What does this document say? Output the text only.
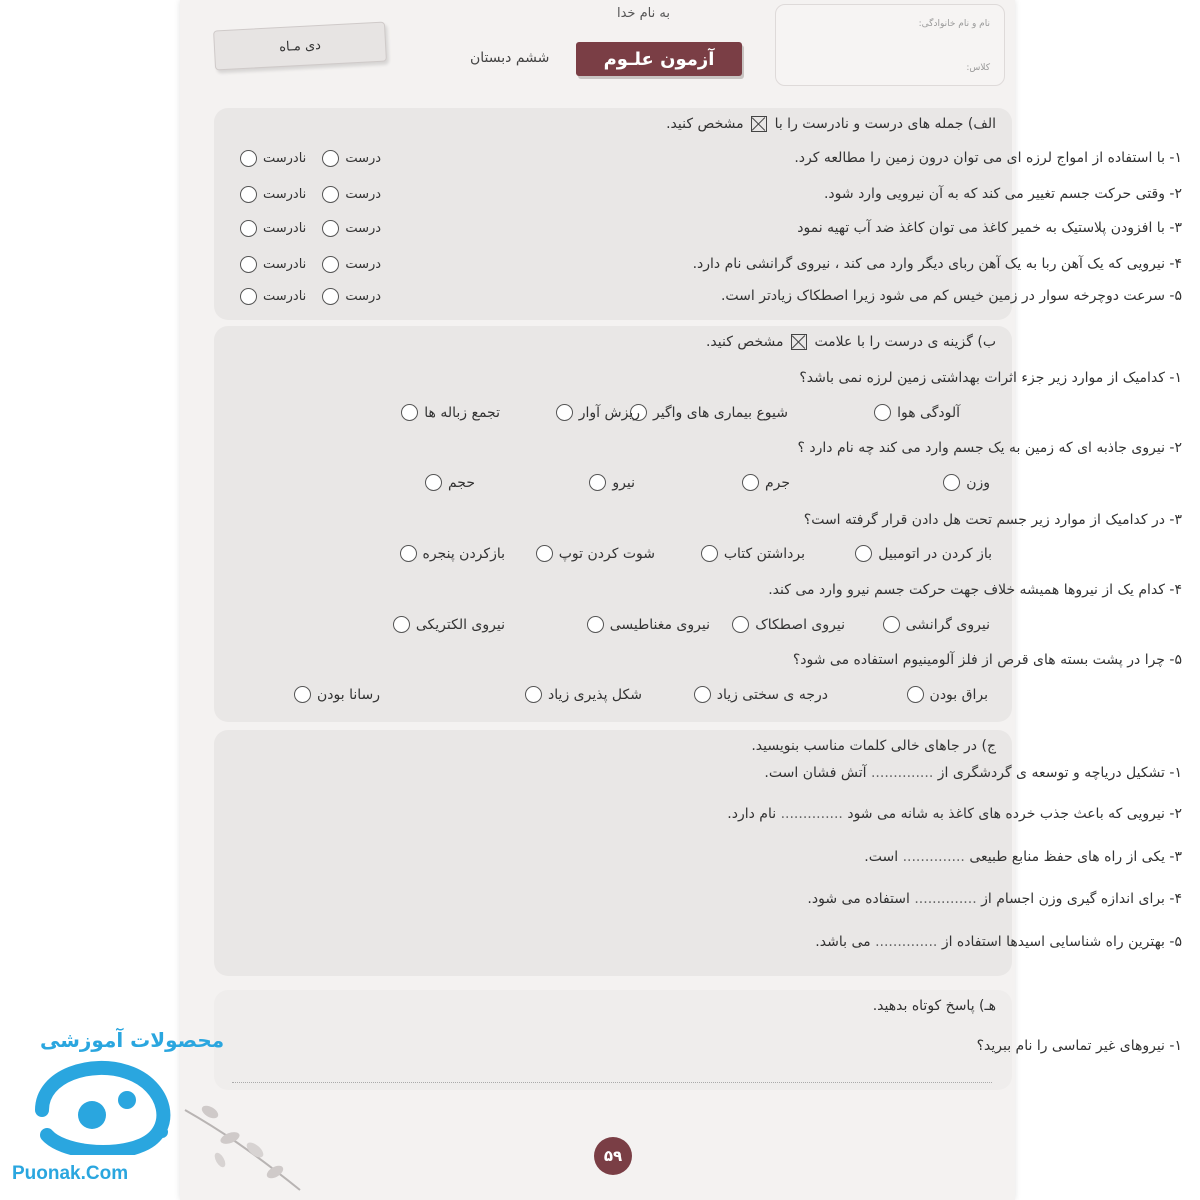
به نام خدا
نام و نام خانوادگی:
کلاس:
آزمون علـوم
ششم دبستان
دی مـاه
الف) جمله های درست و نادرست را با  مشخص کنید.
۱- با استفاده از امواج لرزه ای می توان درون زمین را مطالعه کرد.
درست
نادرست
۲- وقتی حرکت جسم تغییر می کند که به آن نیرویی وارد شود.
درست
نادرست
۳- با افزودن پلاستیک به خمیر کاغذ می توان کاغذ ضد آب تهیه نمود
درست
نادرست
۴- نیرویی که یک آهن ربا به یک آهن ربای دیگر وارد می کند ، نیروی گرانشی نام دارد.
درست
نادرست
۵- سرعت دوچرخه سوار در زمین خیس کم می شود زیرا اصطکاک زیادتر است.
درست
نادرست
ب) گزینه ی درست را با علامت  مشخص کنید.
۱- کدامیک از موارد زیر جزء اثرات بهداشتی زمین لرزه نمی باشد؟
آلودگی هوا
شیوع بیماری های واگیر
ریزش آوار
تجمع زباله ها
۲- نیروی جاذبه ای که زمین به یک جسم وارد می کند چه نام دارد ؟
وزن
جرم
نیرو
حجم
۳- در کدامیک از موارد زیر جسم تحت هل دادن قرار گرفته است؟
باز کردن در اتومبیل
برداشتن کتاب
شوت کردن توپ
بازکردن پنجره
۴- کدام یک از نیروها همیشه خلاف جهت حرکت جسم نیرو وارد می کند.
نیروی گرانشی
نیروی اصطکاک
نیروی مغناطیسی
نیروی الکتریکی
۵- چرا در پشت بسته های قرص از فلز آلومینیوم استفاده می شود؟
براق بودن
درجه ی سختی زیاد
شکل پذیری زیاد
رسانا بودن
ج) در جاهای خالی کلمات مناسب بنویسید.
۱- تشکیل دریاچه و توسعه ی گردشگری از .............. آتش فشان است.
۲- نیرویی که باعث جذب خرده های کاغذ به شانه می شود .............. نام دارد.
۳- یکی از راه های حفظ منابع طبیعی .............. است.
۴- برای اندازه گیری وزن اجسام از .............. استفاده می شود.
۵- بهترین راه شناسایی اسیدها استفاده از .............. می باشد.
هـ) پاسخ کوتاه بدهید.
۱- نیروهای غیر تماسی را نام ببرید؟
۵۹
محصولات آموزشی
Puonak.Com
